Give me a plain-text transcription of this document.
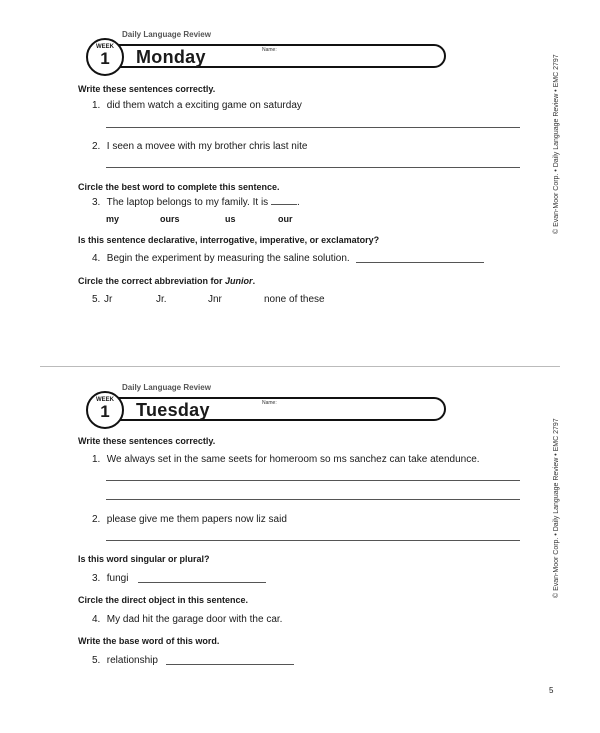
Daily Language Review
Monday	Name:
WEEK
1
Write these sentences correctly.
1. did them watch a exciting game on saturday
2. I seen a movee with my brother chris last nite
Circle the best word to complete this sentence.
3. The laptop belongs to my family. It is	.
my	ours	us	our
Is this sentence declarative, interrogative, imperative, or exclamatory?
4. Begin the experiment by measuring the saline solution.
Circle the correct abbreviation for Junior.
5. Jr	Jr.	Jnr	none of these
Daily Language Review
Tuesday	Name:
WEEK
1
Write these sentences correctly.
1. We always set in the same seets for homeroom so ms sanchez can take atendunce.
2. please give me them papers now liz said
Is this word singular or plural?
3. fungi
Circle the direct object in this sentence.
4. My dad hit the garage door with the car.
Write the base word of this word.
5. relationship
© Evan-Moor Corp. • Daily Language Review • EMC 2797
© Evan-Moor Corp. • Daily Language Review • EMC 2797
5
